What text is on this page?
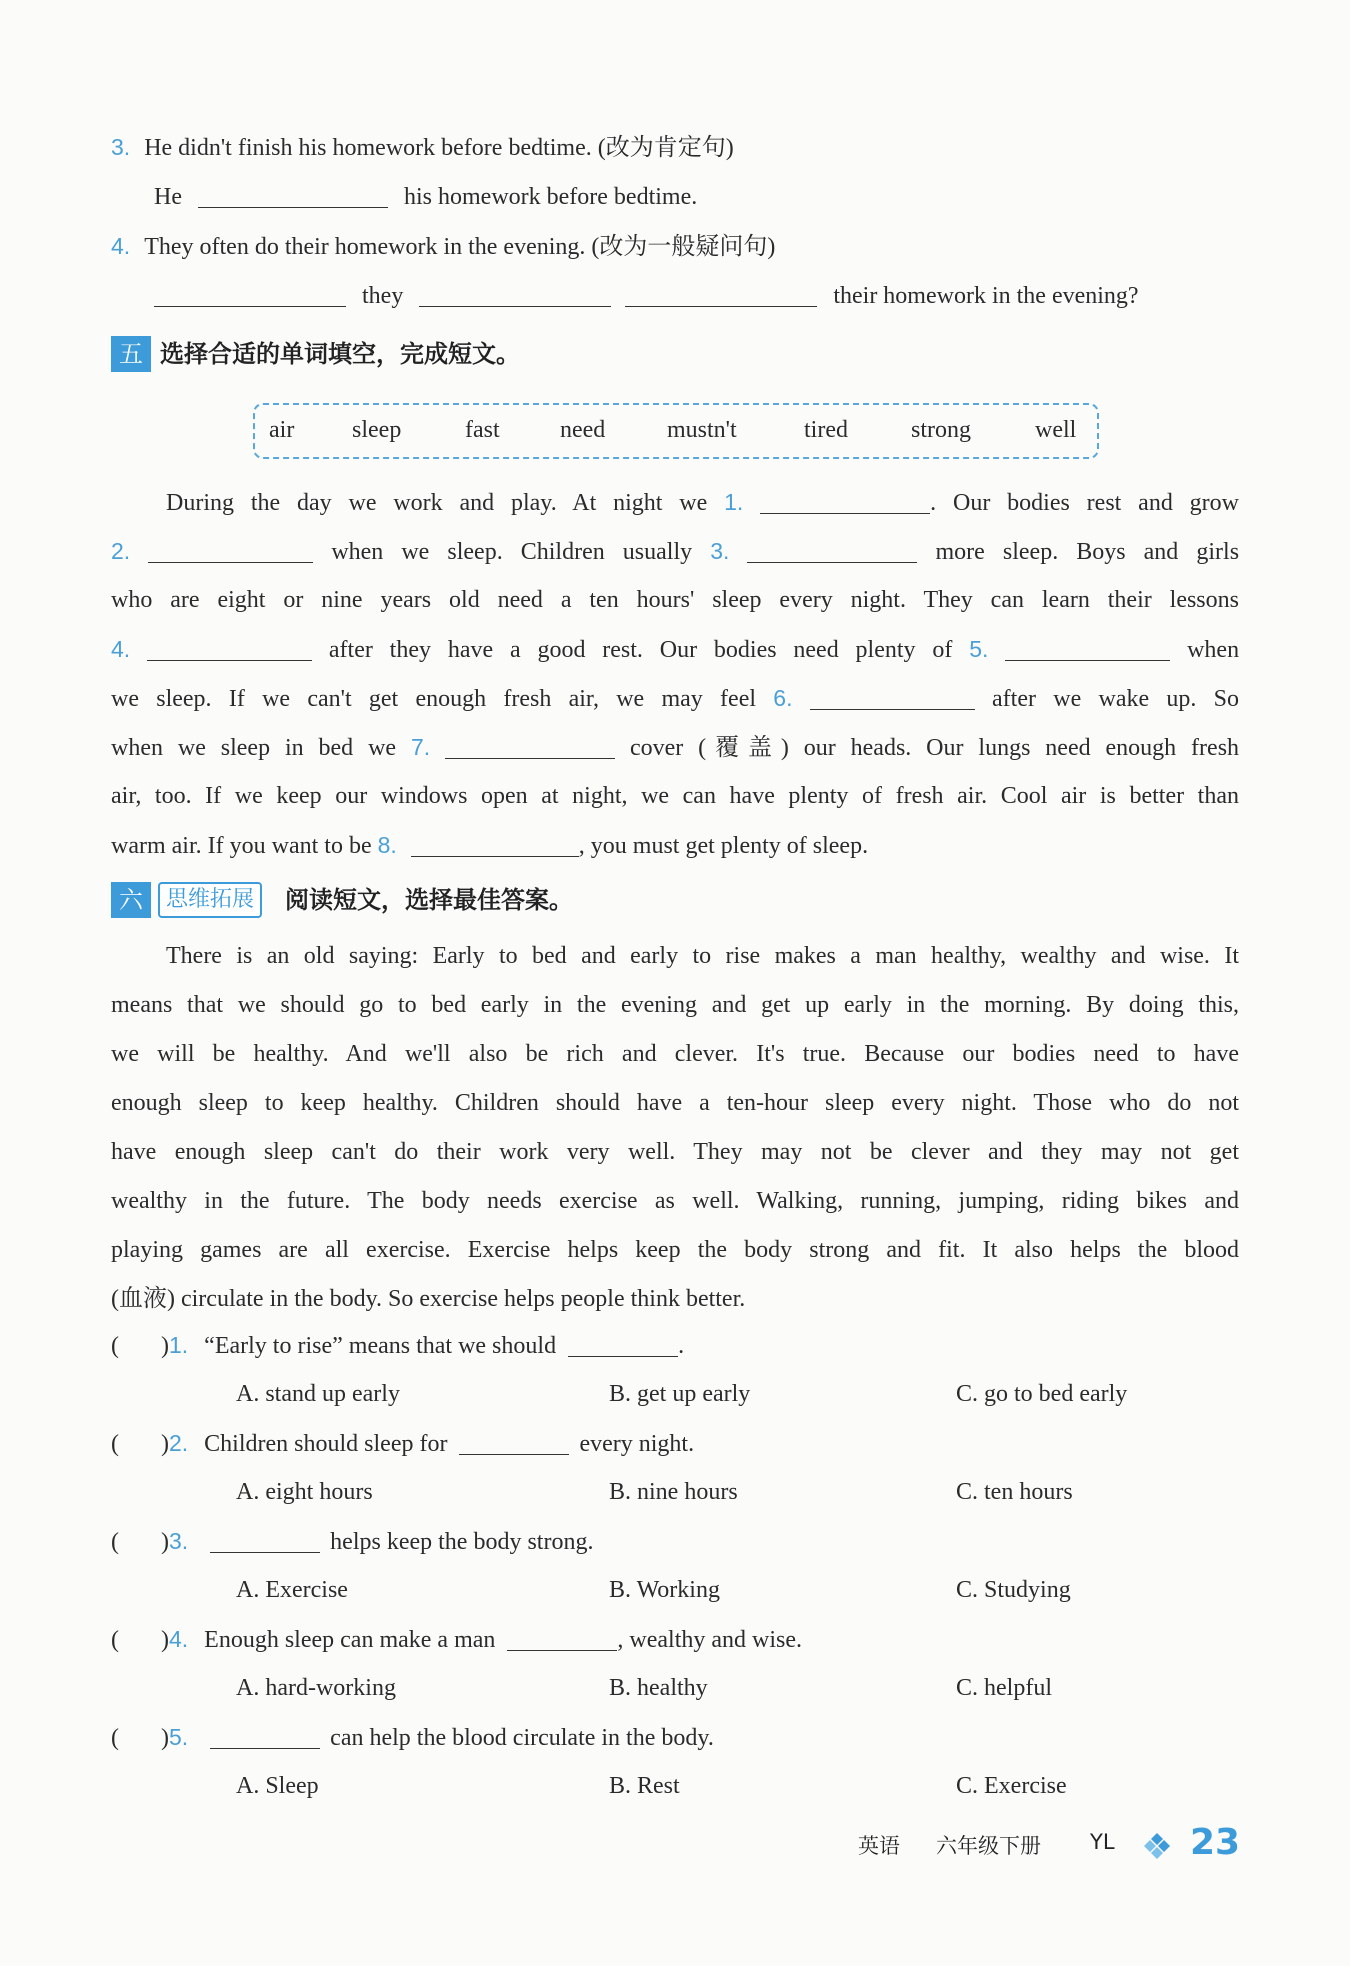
3. He didn't finish his homework before bedtime. (改为肯定句)
He	his homework before bedtime.
4. They often do their homework in the evening. (改为一般疑问句)
they	their homework in the evening?
五 选择合适的单词填空，完成短文。
air sleep	fast	need	mustn't	tired	strong	well
During the day we work and play. At night we 1.	. Our bodies rest and grow
2.	when we sleep. Children usually 3.	more sleep. Boys and girls
who are eight or nine years old need a ten hours' sleep every night. They can learn their lessons
4.	after they have a good rest. Our bodies need plenty of 5.	when
we sleep. If we can't get enough fresh air, we may feel 6.	after we wake up. So
when we sleep in bed we 7.	cover (覆盖) our heads. Our lungs need enough fresh
air, too. If we keep our windows open at night, we can have plenty of fresh air. Cool air is better than
warm air. If you want to be 8.	, you must get plenty of sleep.
六	思维拓展	阅读短文，选择最佳答案。
There is an old saying: Early to bed and early to rise makes a man healthy, wealthy and wise. It
means that we should go to bed early in the evening and get up early in the morning. By doing this,
we will be healthy. And we'll also be rich and clever. It's true. Because our bodies need to have
enough sleep to keep healthy. Children should have a ten-hour sleep every night. Those who do not
have enough sleep can't do their work very well. They may not be clever and they may not get
wealthy in the future. The body needs exercise as well. Walking, running, jumping, riding bikes and
playing games are all exercise. Exercise helps keep the body strong and fit. It also helps the blood
(血液) circulate in the body. So exercise helps people think better.
(       )1. “Early to rise” means that we should	.
A. stand up early	B. get up early	C. go to bed early
(       )2. Children should sleep for	every night.
A. eight hours	B. nine hours	C. ten hours
(       )3.	helps keep the body strong.
A. Exercise	B. Working	C. Studying
(       )4. Enough sleep can make a man	, wealthy and wise.
A. hard-working	B. healthy	C. helpful
(       )5.	can help the blood circulate in the body.
A. Sleep	B. Rest	C. Exercise
英语 六年级下册 YL 23
